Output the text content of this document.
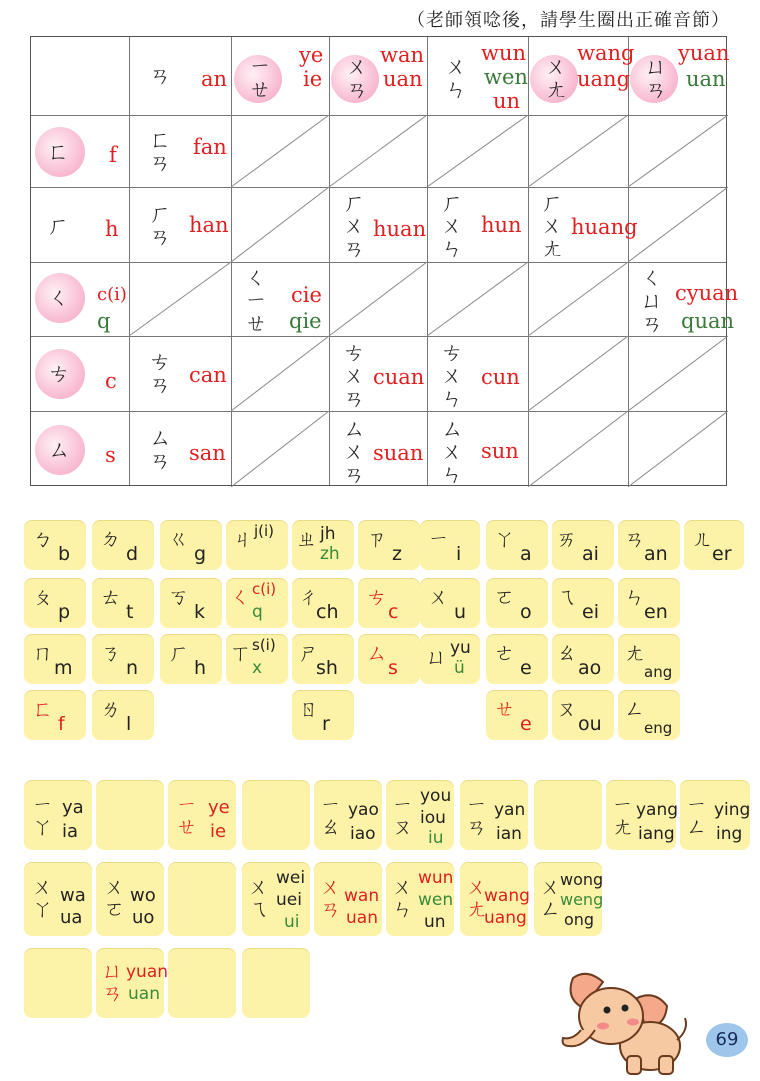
（老師領唸後，請學生圈出正確音節）
ㄢ an ㄧㄝ
ye
ie ㄨㄢ
wan
uan ㄨㄣ
wun
wen
un
ㄨㄤ
wang
uang ㄩㄢ
yuan
uan
ㄈ f
ㄈㄢ
fan
ㄏ h
ㄏㄢ han
ㄏㄨㄢ
huan
ㄏㄨㄣ
hun
ㄏㄨㄤ
huang
ㄑ c(i)
q
ㄑㄧㄝ
cie
qie
ㄑㄩㄢ
cyuan
quan
ㄘ c
ㄘㄢ can
ㄘㄨㄢ
cuan
ㄘㄨㄣ
cun
ㄙ s
ㄙㄢ san
ㄙㄨㄢ
suan
ㄙㄨㄣ
sun
ㄅ
b
ㄉ
d
ㄍ
g
ㄐ j(i) ㄓ jh
zh
ㄗ
z
ㄧ
i
ㄚ
a
ㄞ
ai
ㄢ
an
ㄦ
er
ㄆ
p
ㄊ
t
ㄎ
k
ㄑ c(i)
q
ㄔ
ch
ㄘ
c
ㄨ
u
ㄛ
o
ㄟ
ei
ㄣ
en
ㄇ
m
ㄋ
n
ㄏ
h
ㄒ s(i)
x
ㄕ
sh
ㄙ
s ㄩ yu
ü
ㄜ
e
ㄠ
ao
ㄤ
ang
ㄈ
f
ㄌ
l
ㄖ
r
ㄝ
e
ㄡ
ou
ㄥ
eng
ㄧㄚ
ya
ia
ㄧㄝ
ye
ie
ㄧㄠ
yao
iao
ㄧㄡ
you
iou
iu
ㄧㄢ
yan
ian
ㄧㄤ
yang
iang
ㄧㄥ
ying
ing
ㄨㄚ
wa
ua
ㄨㄛ
wo
uo
ㄨㄟ
wei
uei
ui
ㄨㄢ
wan
uan
ㄨㄣ
wun
wen
un
ㄨㄤ
wang
uang
ㄨㄥ
wong
weng
ong
ㄩㄢ
yuan
uan
69
